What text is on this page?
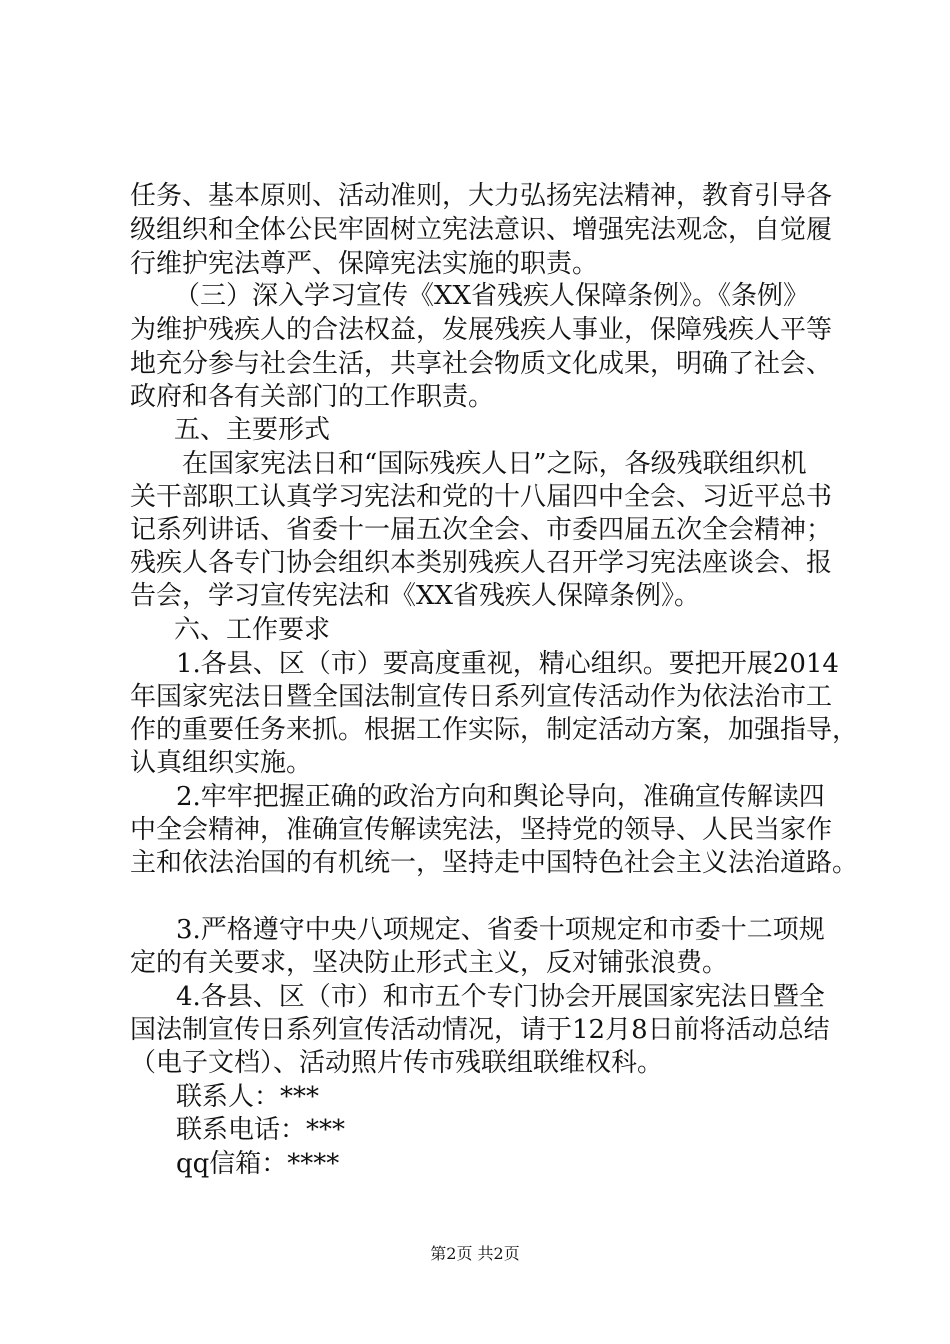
任务、基本原则、活动准则，大力弘扬宪法精神，教育引导各

级组织和全体公民牢固树立宪法意识、增强宪法观念，自觉履

行维护宪法尊严、保障宪法实施的职责。

（三）深入学习宣传《XX省残疾人保障条例》。《条例》

为维护残疾人的合法权益，发展残疾人事业，保障残疾人平等

地充分参与社会生活，共享社会物质文化成果，明确了社会、

政府和各有关部门的工作职责。

五、主要形式

在国家宪法日和“国际残疾人日”之际，各级残联组织机

关干部职工认真学习宪法和党的十八届四中全会、习近平总书

记系列讲话、省委十一届五次全会、市委四届五次全会精神；

残疾人各专门协会组织本类别残疾人召开学习宪法座谈会、报

告会，学习宣传宪法和《XX省残疾人保障条例》。

六、工作要求

1.各县、区（市）要高度重视，精心组织。要把开展2014

年国家宪法日暨全国法制宣传日系列宣传活动作为依法治市工

作的重要任务来抓。根据工作实际，制定活动方案，加强指导，

认真组织实施。

2.牢牢把握正确的政治方向和舆论导向，准确宣传解读四

中全会精神，准确宣传解读宪法，坚持党的领导、人民当家作

主和依法治国的有机统一，坚持走中国特色社会主义法治道路。

3.严格遵守中央八项规定、省委十项规定和市委十二项规

定的有关要求，坚决防止形式主义，反对铺张浪费。

4.各县、区（市）和市五个专门协会开展国家宪法日暨全

国法制宣传日系列宣传活动情况，请于12月8日前将活动总结

（电子文档）、活动照片传市残联组联维权科。

联系人：***

联系电话：***

qq信箱：****

第2页 共2页
